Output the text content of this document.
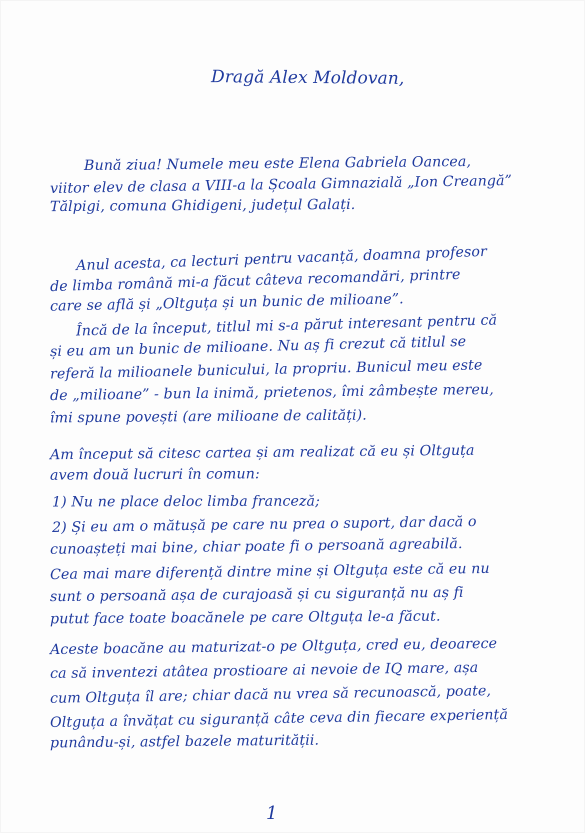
Dragă Alex Moldovan,
Bună ziua! Numele meu este Elena Gabriela Oancea,
viitor elev de clasa a VIII-a la Școala Gimnazială „Ion Creangă”
Tălpigi, comuna Ghidigeni, județul Galați.
Anul acesta, ca lecturi pentru vacanță, doamna profesor
de limba română mi-a făcut câteva recomandări, printre
care se află și „Oltguța și un bunic de milioane”.
Încă de la început, titlul mi s-a părut interesant pentru că
și eu am un bunic de milioane. Nu aș fi crezut că titlul se
referă la milioanele bunicului, la propriu. Bunicul meu este
de „milioane” - bun la inimă, prietenos, îmi zâmbește mereu,
îmi spune povești (are milioane de calități).
Am început să citesc cartea și am realizat că eu și Oltguța
avem două lucruri în comun:
1) Nu ne place deloc limba franceză;
2) Și eu am o mătușă pe care nu prea o suport, dar dacă o
cunoașteți mai bine, chiar poate fi o persoană agreabilă.
Cea mai mare diferență dintre mine și Oltguța este că eu nu
sunt o persoană așa de curajoasă și cu siguranță nu aș fi
putut face toate boacănele pe care Oltguța le-a făcut.
Aceste boacăne au maturizat-o pe Oltguța, cred eu, deoarece
ca să inventezi atâtea prostioare ai nevoie de IQ mare, așa
cum Oltguța îl are; chiar dacă nu vrea să recunoască, poate,
Oltguța a învățat cu siguranță câte ceva din fiecare experiență
punându-și, astfel bazele maturității.
1
